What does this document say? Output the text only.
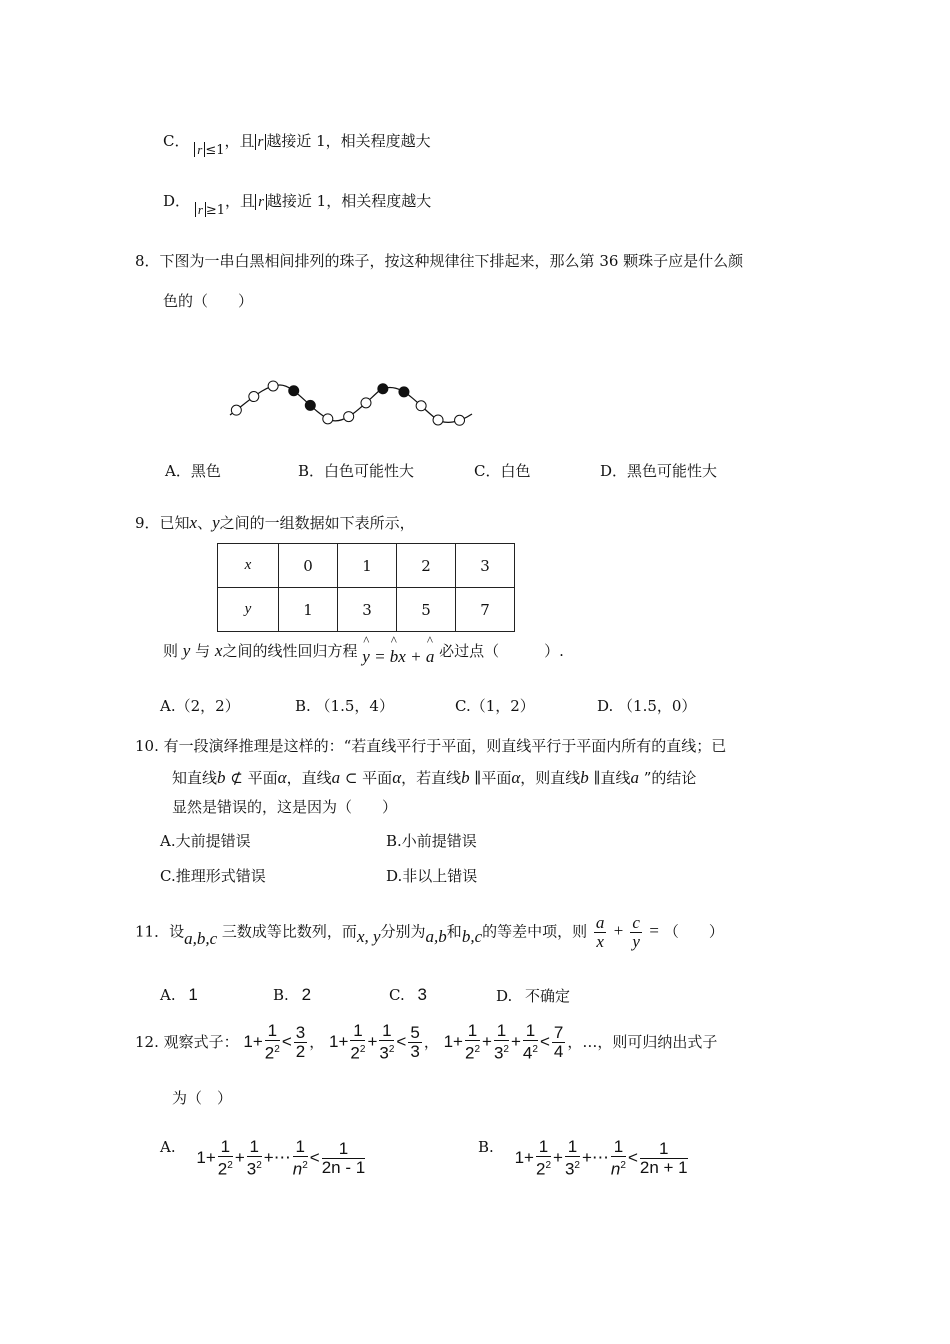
C． r ≤1，且 r 越接近 1，相关程度越大
D． r ≥1，且 r 越接近 1，相关程度越大
8．下图为一串白黑相间排列的珠子，按这种规律往下排起来，那么第 36 颗珠子应是什么颜
色的（　　）
A．黑色	B．白色可能性大	C．白色	D．黑色可能性大
9．已知x、y之间的一组数据如下表所示，
x	0	1	2	3
y	1	3	5	7
则 y 与 x之间的线性回归方程 ^ y = ^ bx + ^ a 必过点（　　　）.
A.（2，2）	B. （1.5，4）	C.（1，2）	D. （1.5，0）
10. 有一段演绎推理是这样的：“若直线平行于平面，则直线平行于平面内所有的直线；已
知直线b ⊄ 平面α，直线a ⊂ 平面α，若直线b ∥平面α，则直线b ∥直线a ”的结论
显然是错误的，这是因为（　　）
A.大前提错误	B.小前提错误
C.推理形式错误	D.非以上错误
11．设a,b,c 三数成等比数列，而x, y分别为a,b和b,c的等差中项，则 $\frac{a}{x} + \frac{c}{y}$ = （　　）
A. 1	B. 2	C. 3	D. 不确定
12. 观察式子： $1+ \frac{1}{2^2} < \frac{3}{2}$ ， $1+ \frac{1}{2^2} + \frac{1}{3^2} < \frac{5}{3}$ ， $1+ \frac{1}{2^2} + \frac{1}{3^2} + \frac{1}{4^2} < \frac{7}{4}$ ，…，则可归纳出式子
为（　）
A. $1+ \frac{1}{2^2} + \frac{1}{3^2}$ +⋯ $\frac{1}{n^2} < \frac{1}{2n - 1}$	B. $1+ \frac{1}{2^2} + \frac{1}{3^2}$ +⋯ $\frac{1}{n^2} < \frac{1}{2n + 1}$
